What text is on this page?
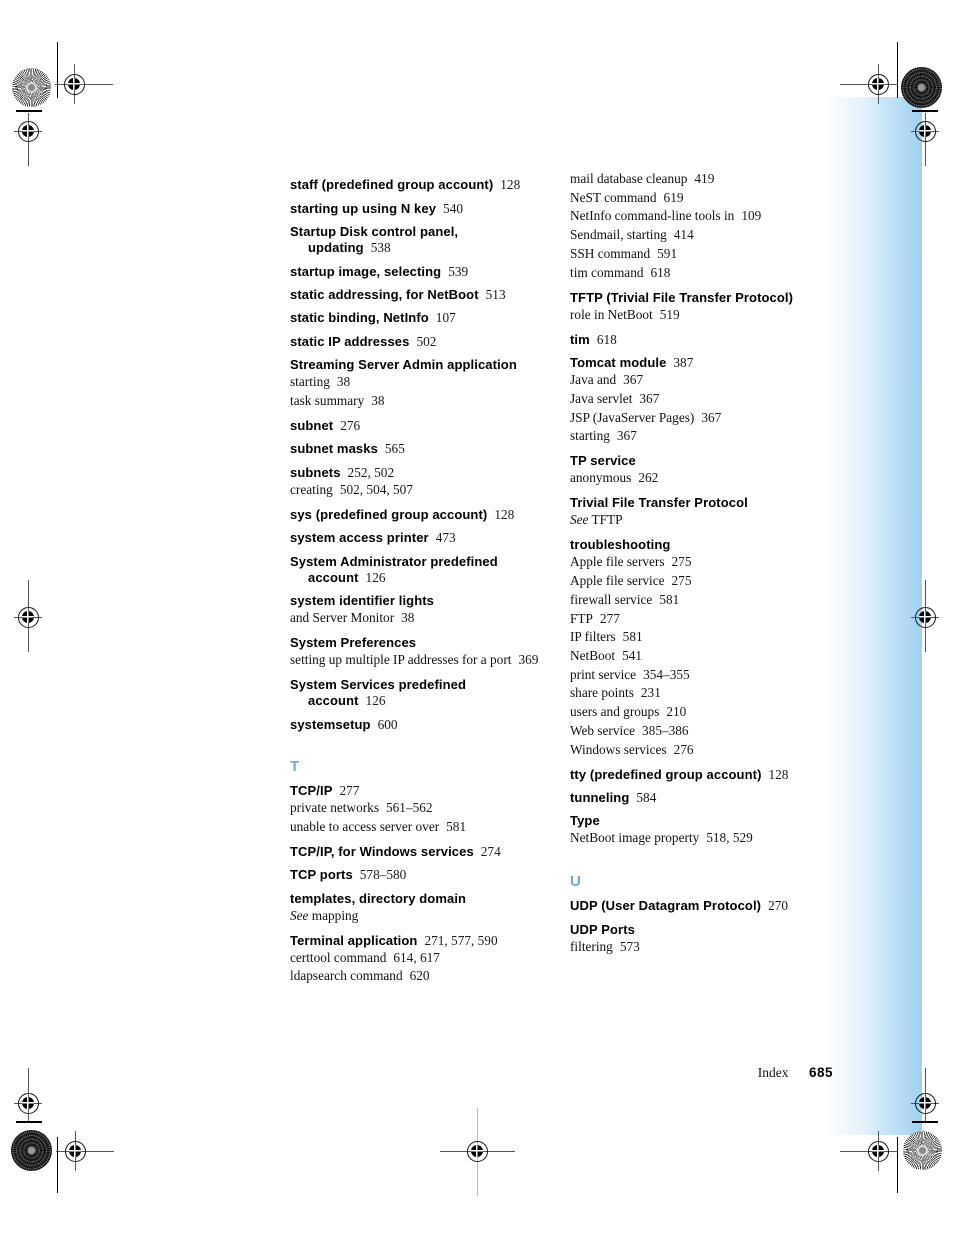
staff (predefined group account) 128
starting up using N key 540
Startup Disk control panel,
updating 538
startup image, selecting 539
static addressing, for NetBoot 513
static binding, NetInfo 107
static IP addresses 502
Streaming Server Admin application
starting 38
task summary 38
subnet 276
subnet masks 565
subnets 252, 502
creating 502, 504, 507
sys (predefined group account) 128
system access printer 473
System Administrator predefined
account 126
system identifier lights
and Server Monitor 38
System Preferences
setting up multiple IP addresses for a port 369
System Services predefined
account 126
systemsetup 600
T
TCP/IP 277
private networks 561–562
unable to access server over 581
TCP/IP, for Windows services 274
TCP ports 578–580
templates, directory domain
See mapping
Terminal application 271, 577, 590
certtool command 614, 617
ldapsearch command 620
mail database cleanup 419
NeST command 619
NetInfo command-line tools in 109
Sendmail, starting 414
SSH command 591
tim command 618
TFTP (Trivial File Transfer Protocol)
role in NetBoot 519
tim 618
Tomcat module 387
Java and 367
Java servlet 367
JSP (JavaServer Pages) 367
starting 367
TP service
anonymous 262
Trivial File Transfer Protocol
See TFTP
troubleshooting
Apple file servers 275
Apple file service 275
firewall service 581
FTP 277
IP filters 581
NetBoot 541
print service 354–355
share points 231
users and groups 210
Web service 385–386
Windows services 276
tty (predefined group account) 128
tunneling 584
Type
NetBoot image property 518, 529
U
UDP (User Datagram Protocol) 270
UDP Ports
filtering 573
Index 685
